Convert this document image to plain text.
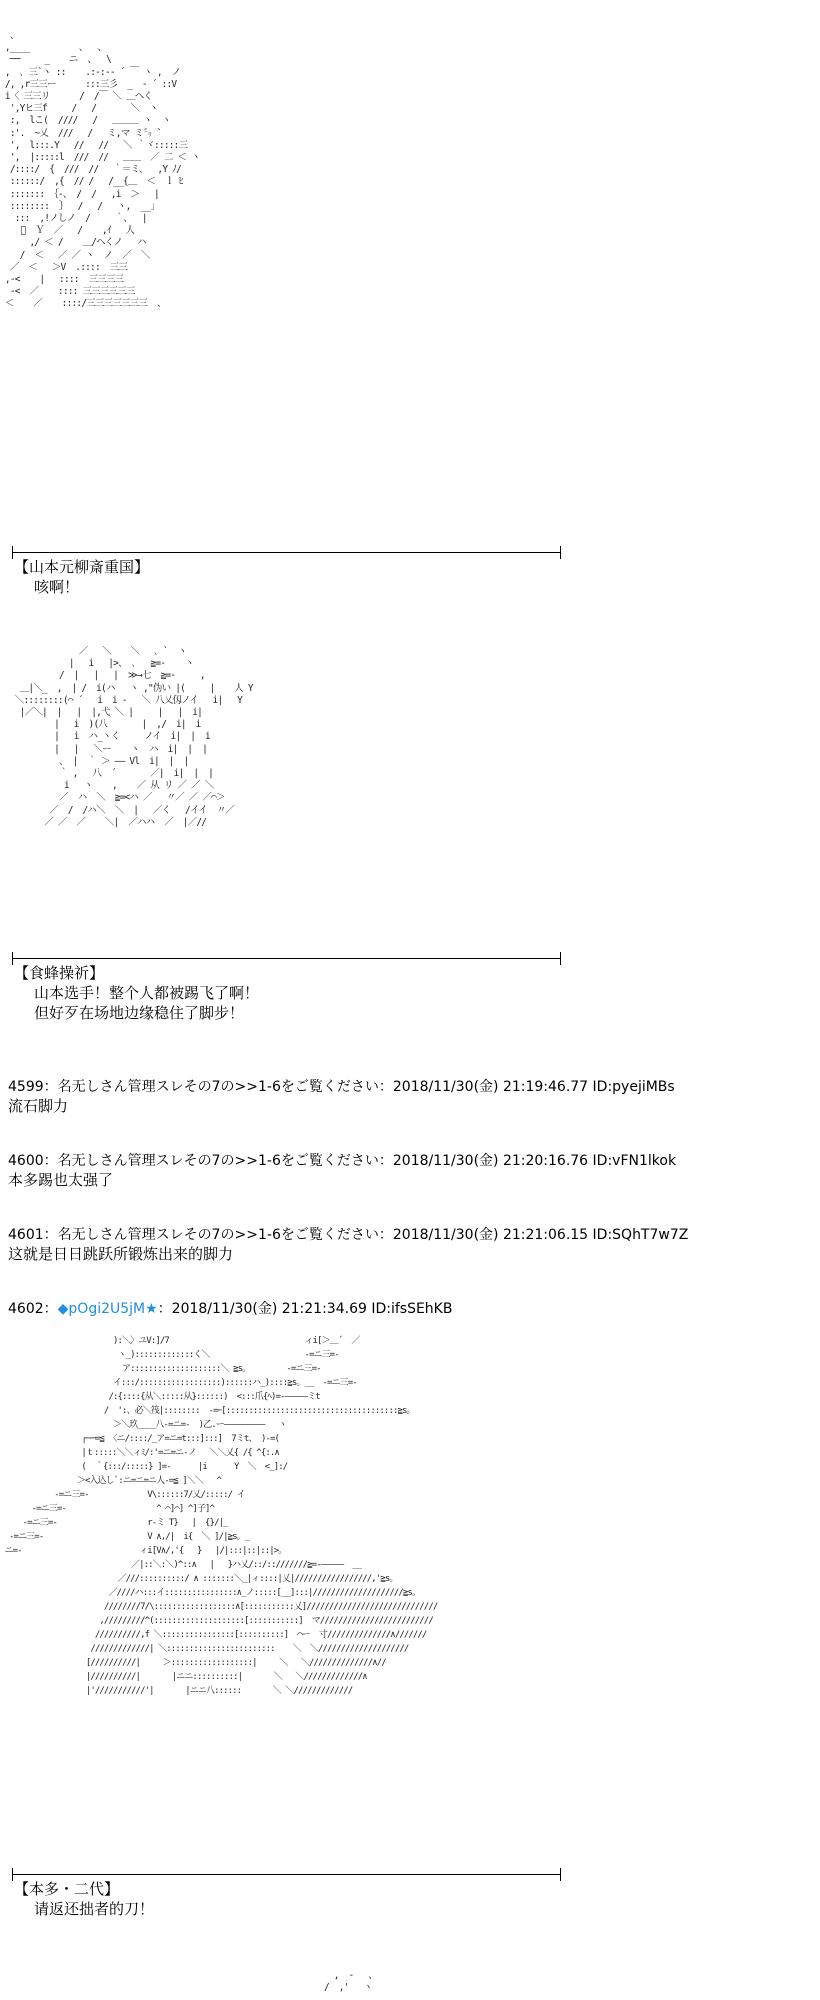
、
,____          、  、
──     _    ニ  、  \
,  ､ 三`ヽ ::    .:-:-‐ ´ ￣ ヽ ,  ノ
/, ,r三三ー      :::三彡  _  ‐ ´ ::V
i〈 三三リ      /  /￣ ＼ ＿ヘく
',Yヒ三f     /   /       ＼  ヽ
:,  lこ(  ////   /   ＿＿＿ ヽ  ヽ
:'.  ~乂  ///   /   ミ,マ ミ㍉ `
',  l:::.Y   //   //   ＼ ｀ヾ:::::三
',  |:::::l  ///  //   ＿＿  ／ 二 ＜ ヽ
/::::/  {  ///  //   ｀＝ミ、  ,Y ﾉ/
::::::/  ,{  // /   /__{＿  ＜  ｌ ﾋ
::::::: ｛-、 /  /   ,i  ＞   |
::::::::  ｝  /   /   ヽ,  __」
:::  ,!ノしノ  /     ｀、  |
ﾞ  Ｙ  ／   /    ,ｲ   人
,/ ＜ /    ＿/ヘくノ   ハ
/  ＜   ／ ／ ヽ  ノ  ／  ＼
／  ＜   ＞V  .::::  三三
,-<    |   ::::  三三三三
-<  ／    :::: 三三三三三三
＜    ／    ::::/三三三三三三三  、
【山本元柳斎重国】
咳啊！
／   ＼    ＼   ､ `  ヽ
|   i   |>、 ､   ≧=-    ヽ
/  |   |   |  ≫→七  ≧=-     ,
＿|＼_  ,  | /  i(ハ   ヽ ,"伪い |(     |    人 Y
＼::::::::(⌒ ´   i  i ‐   ＼ 八乂仭ノイ   i|   Y
|／＼|  |   |  |,弋 ＼ |     |   |  i|
|   i  )(八       |  ,/  i|  i
|   i  ハ_ヽく     ノイ  i|  |  i
|   |   ＼ー    ヽ  ハ  i|  |  |
、 |  ｀ ＞ ―― Vl  i|  |  |
｀ ,   八  ´       ／|  i|  |  |
i   ヽ    ,    ／ 从 リ ／ ／ ＼
／  ハ  ＼  ≧=<ハ ／   〃／ ／ ／⌒＞
／  /  /ハ＼  ＼  |   ／く   /イイ  〃／
／ ／  ／    ＼|  ／ハハ  ／  |／//
【食蜂操祈】
山本选手！整个人都被踢飞了啊！
但好歹在场地边缘稳住了脚步！
4599：名无しさん管理スレその7の>>1-6をご覧ください：2018/11/30(金) 21:19:46.77 ID:pyejiMBs
流石脚力
4600：名无しさん管理スレその7の>>1-6をご覧ください：2018/11/30(金) 21:20:16.76 ID:vFN1lkok
本多踢也太强了
4601：名无しさん管理スレその7の>>1-6をご覧ください：2018/11/30(金) 21:21:06.15 ID:SQhT7w7Z
这就是日日跳跃所锻炼出来的脚力
4602：◆pOgi2U5jM★：2018/11/30(金) 21:21:34.69 ID:ifsSEhKB
):＼〉ユV:]/7                              ィi[＞＿´  ／
ヽ_):::::::::::::く＼                     -=ニ三=-
ア::::::::::::::::::::＼ ≧s。        -=ニ三=-
イ:::/::::::::::::::::::)::::::ハ_)::::≧s。__  -=ニ三=-
/:{::::{从＼:::::从}::::::)  <:::爪{ﾍ)=-―――――ミt
/  ':、必＼筏|::::::::  -=ｰ[::::::::::::::::::::::::::::::::::::::≧s。
＞＼玖____八-=ニ=-  )乙.ー―――――――――   ヽ
┌──=≦ 〈ニ/::::/_ア=ニ=t:::]:::]  7ミt、 )-=(
|ｔ:::::＼＼ィﾐ/:'=ニ=ニ-ノ   ＼＼乂{ /{ ^{:.∧
(  ｀{:::/:::::} ]=-      |i      Y  ＼  <_]:/
＞<入込しﾞ:ニ=ニ=ニ人-=≦ ]＼＼   ^
-=ニ三=-             V\::::::7/乂/:::::/ イ
-=ニ三=-                    ^ ⌒]⌒] ^]子]^
-=ニ三=-                    r-ミ T}   |  {}/|_
-=ニ三=-                       V ∧,/|  i{  ＼ ]/|≧s。_
ニ=-                          ィi[V∧/,'{   }   |/|:::|::|::|>。
／|::＼:＼)^::∧   |   }ハ乂/::/::///////≧=-―――――  __
／///::::::::::/ ∧ :::::::＼_|ィ::::|乂|/////////////////,'≧s。
／////ハ:::イ::::::::::::::::∧_ノ:::::[__]:::|////////////////////≧s。
////////7/\::::::::::::::::::∧[:::::::::::乂]/////////////////////////////
,/////////^(::::::::::::::::::::[:::::::::::]  マ/////////////////////////
//////////,f ＼::::::::::::::::[::::::::::]  ⌒ー  寸//////////////∧///////
/////////////| ＼::::::::::::::::::::::::    ＼  ＼////////////////////
[//////////|     ＞::::::::::::::::::|     ＼   ＼//////////////∧//
|//////////|       |ニニ::::::::::|       ＼   ＼/////////////∧
|'///////////'|       |ニニ八::::::       ＼ ＼/////////////
【本多・二代】
请返还拙者的刀！
,  ‐   、
/  ,'   ヽ
